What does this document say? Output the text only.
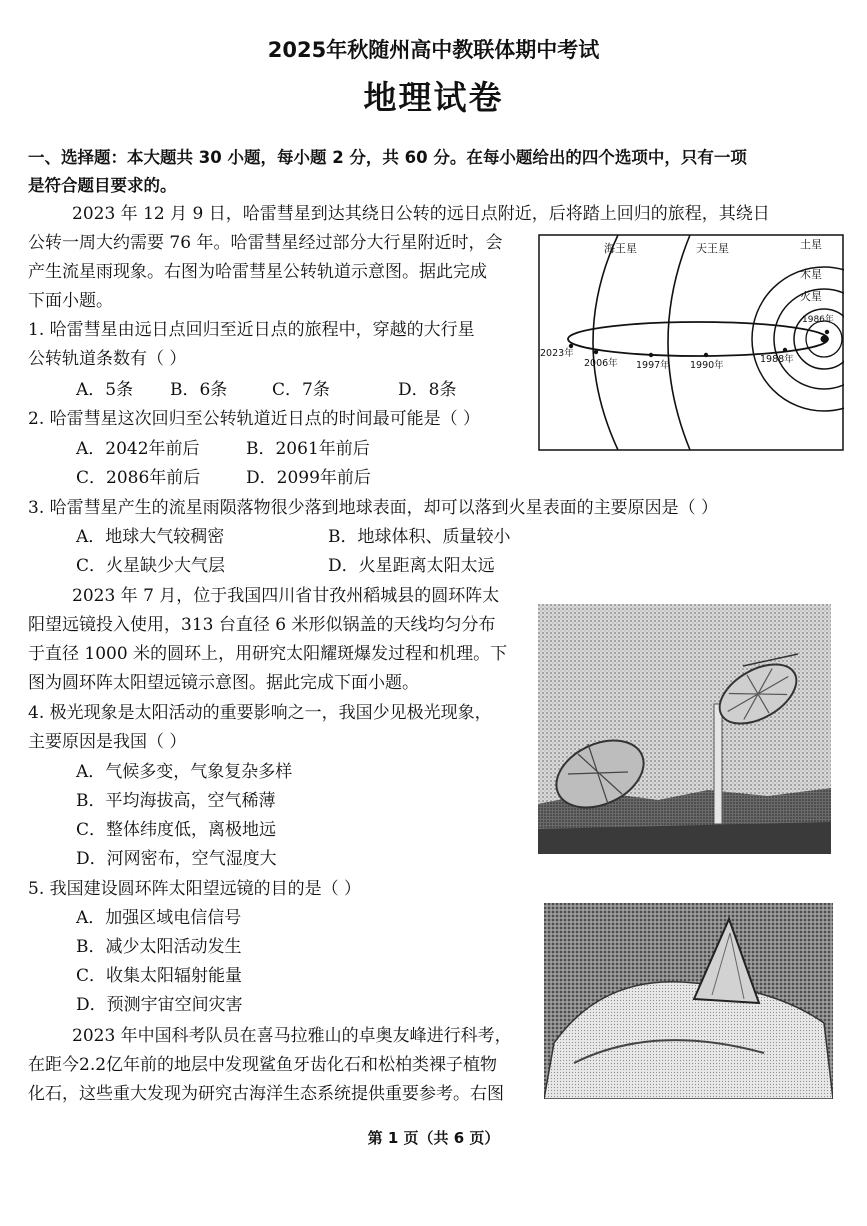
2025年秋随州高中教联体期中考试
地理试卷
一、选择题：本大题共 30 小题，每小题 2 分，共 60 分。在每小题给出的四个选项中，只有一项
是符合题目要求的。
2023 年 12 月 9 日，哈雷彗星到达其绕日公转的远日点附近，后将踏上回归的旅程，其绕日
公转一周大约需要 76 年。哈雷彗星经过部分大行星附近时，会
产生流星雨现象。右图为哈雷彗星公转轨道示意图。据此完成
下面小题。
1. 哈雷彗星由远日点回归至近日点的旅程中，穿越的大行星
公转轨道条数有（ ）
A．5条 B．6条	C．7条	D．8条
2. 哈雷彗星这次回归至公转轨道近日点的时间最可能是（ ）
A．2042年前后	B．2061年前后
C．2086年前后	D．2099年前后
3. 哈雷彗星产生的流星雨陨落物很少落到地球表面，却可以落到火星表面的主要原因是（ ）
A．地球大气较稠密	B．地球体积、质量较小
C．火星缺少大气层	D．火星距离太阳太远
2023 年 7 月，位于我国四川省甘孜州稻城县的圆环阵太
阳望远镜投入使用，313 台直径 6 米形似锅盖的天线均匀分布
于直径 1000 米的圆环上，用研究太阳耀斑爆发过程和机理。下
图为圆环阵太阳望远镜示意图。据此完成下面小题。
4. 极光现象是太阳活动的重要影响之一，我国少见极光现象，
主要原因是我国（ ）
A．气候多变，气象复杂多样
B．平均海拔高，空气稀薄
C．整体纬度低，离极地远
D．河网密布，空气湿度大
5. 我国建设圆环阵太阳望远镜的目的是（ ）
A．加强区域电信信号
B．减少太阳活动发生
C．收集太阳辐射能量
D．预测宇宙空间灾害
2023 年中国科考队员在喜马拉雅山的卓奥友峰进行科考，
在距今2.2亿年前的地层中发现鲨鱼牙齿化石和松柏类裸子植物
化石，这些重大发现为研究古海洋生态系统提供重要参考。右图
海王星	天王星	土星
木星
火星
2023年
2006年 1997年 1990年
1988年
1986年
第 1 页（共 6 页）
